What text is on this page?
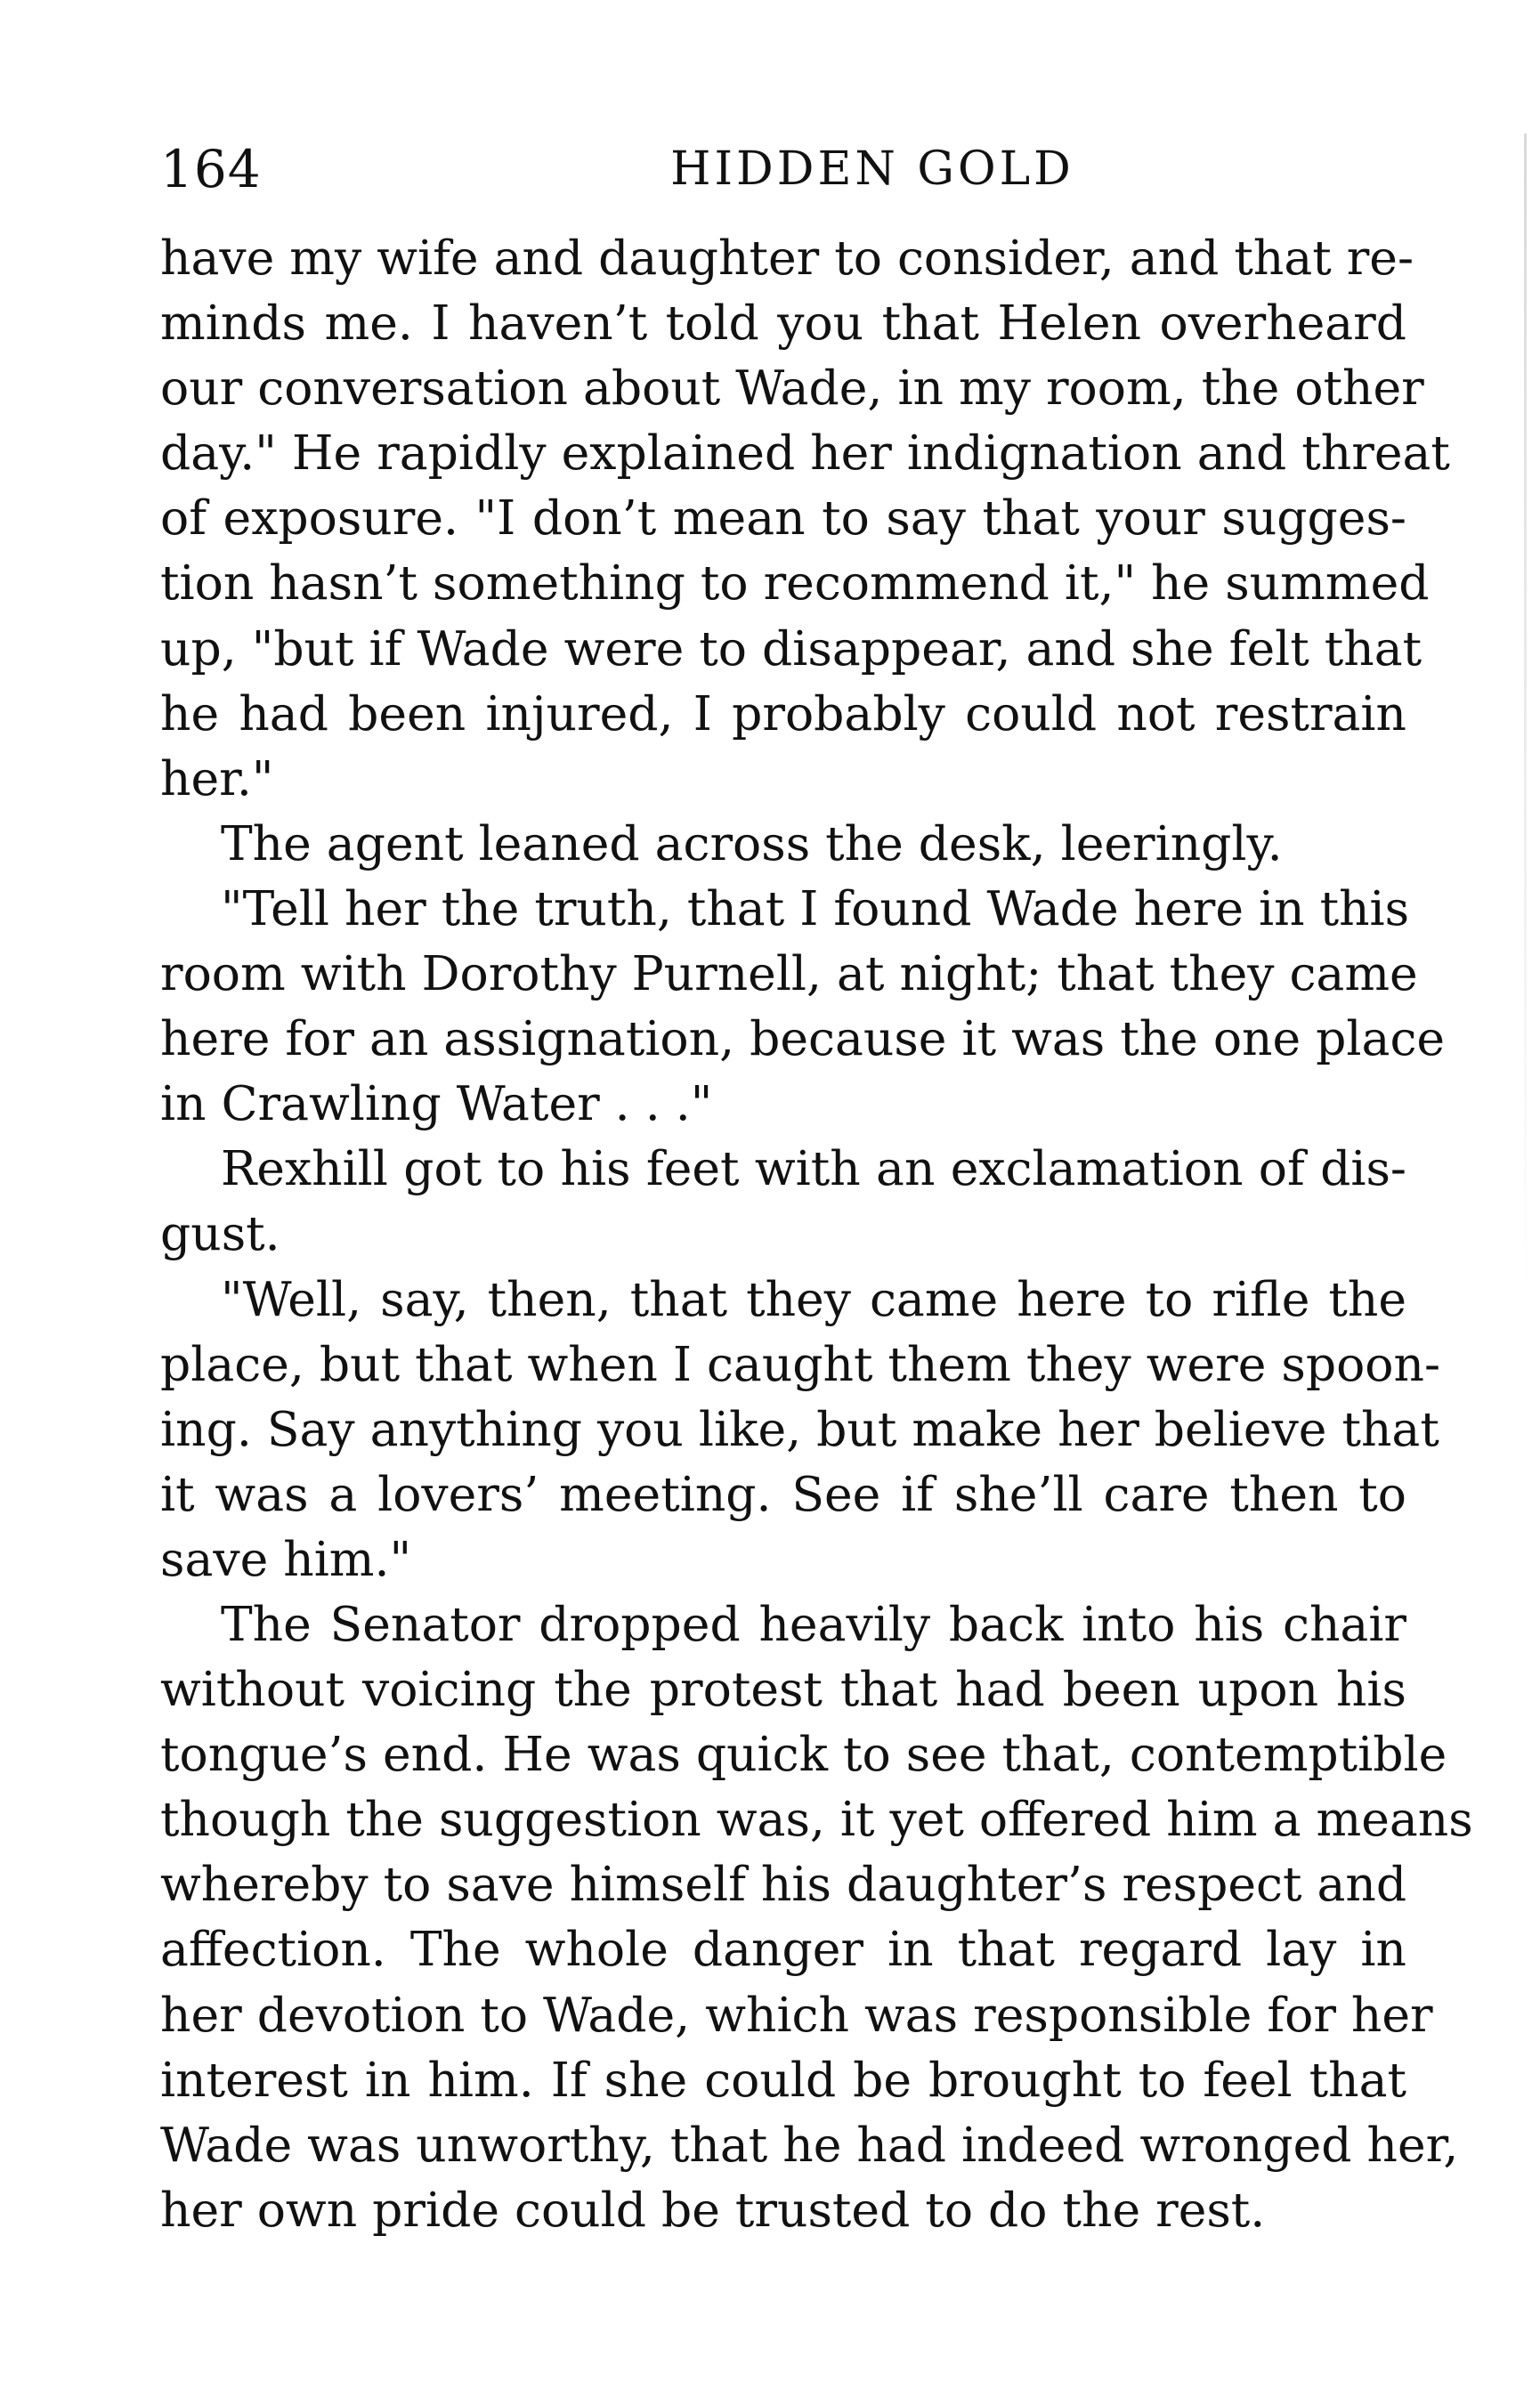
164	HIDDEN GOLD
have my wife and daughter to consider, and that re-
minds me. I haven’t told you that Helen overheard
our conversation about Wade, in my room, the other
day." He rapidly explained her indignation and threat
of exposure. "I don’t mean to say that your sugges-
tion hasn’t something to recommend it," he summed
up, "but if Wade were to disappear, and she felt that
he had been injured, I probably could not restrain
her."
The agent leaned across the desk, leeringly.
"Tell her the truth, that I found Wade here in this
room with Dorothy Purnell, at night; that they came
here for an assignation, because it was the one place
in Crawling Water . . ."
Rexhill got to his feet with an exclamation of dis-
gust.
"Well, say, then, that they came here to rifle the
place, but that when I caught them they were spoon-
ing. Say anything you like, but make her believe that
it was a lovers’ meeting. See if she’ll care then to
save him."
The Senator dropped heavily back into his chair
without voicing the protest that had been upon his
tongue’s end. He was quick to see that, contemptible
though the suggestion was, it yet offered him a means
whereby to save himself his daughter’s respect and
affection. The whole danger in that regard lay in
her devotion to Wade, which was responsible for her
interest in him. If she could be brought to feel that
Wade was unworthy, that he had indeed wronged her,
her own pride could be trusted to do the rest.
